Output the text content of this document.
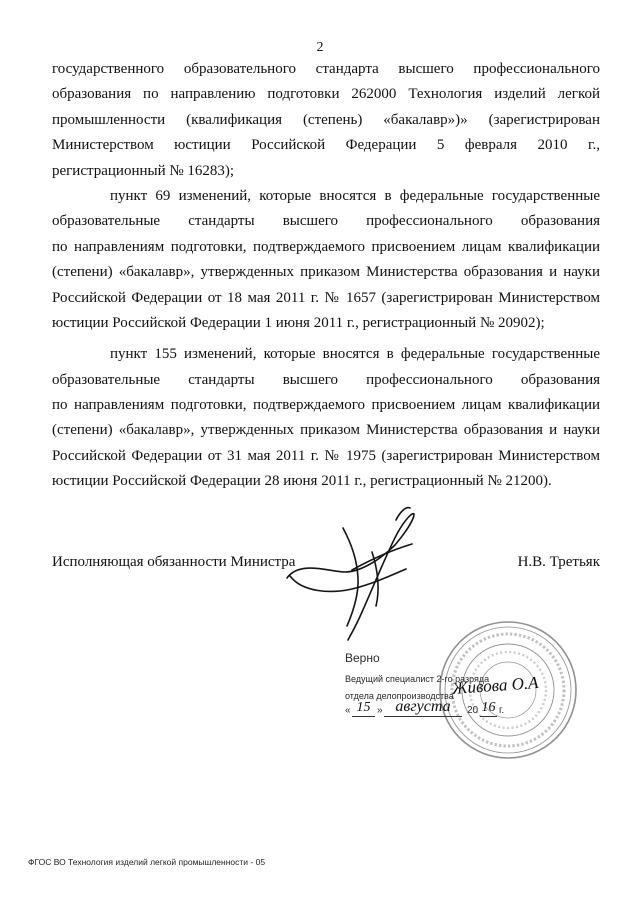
2
государственного образовательного стандарта высшего профессионального
образования по направлению подготовки 262000 Технология изделий легкой
промышленности (квалификация (степень) «бакалавр»)» (зарегистрирован
Министерством юстиции Российской Федерации 5 февраля 2010 г.,
регистрационный № 16283);
пункт 69 изменений, которые вносятся в федеральные государственные
образовательные стандарты высшего профессионального образования
по направлениям подготовки, подтверждаемого присвоением лицам квалификации
(степени) «бакалавр», утвержденных приказом Министерства образования и науки
Российской Федерации от 18 мая 2011 г. № 1657 (зарегистрирован Министерством
юстиции Российской Федерации 1 июня 2011 г., регистрационный № 20902);
пункт 155 изменений, которые вносятся в федеральные государственные
образовательные стандарты высшего профессионального образования
по направлениям подготовки, подтверждаемого присвоением лицам квалификации
(степени) «бакалавр», утвержденных приказом Министерства образования и науки
Российской Федерации от 31 мая 2011 г. № 1975 (зарегистрирован Министерством
юстиции Российской Федерации 28 июня 2011 г., регистрационный № 21200).
Исполняющая обязанности Министра	Н.В. Третьяк
Верно
Ведущий специалист 2-го разряда
отдела делопроизводства
Живова О.А
« 15 » августа	20 16 г.
ФГОС ВО Технология изделий легкой промышленности - 05
